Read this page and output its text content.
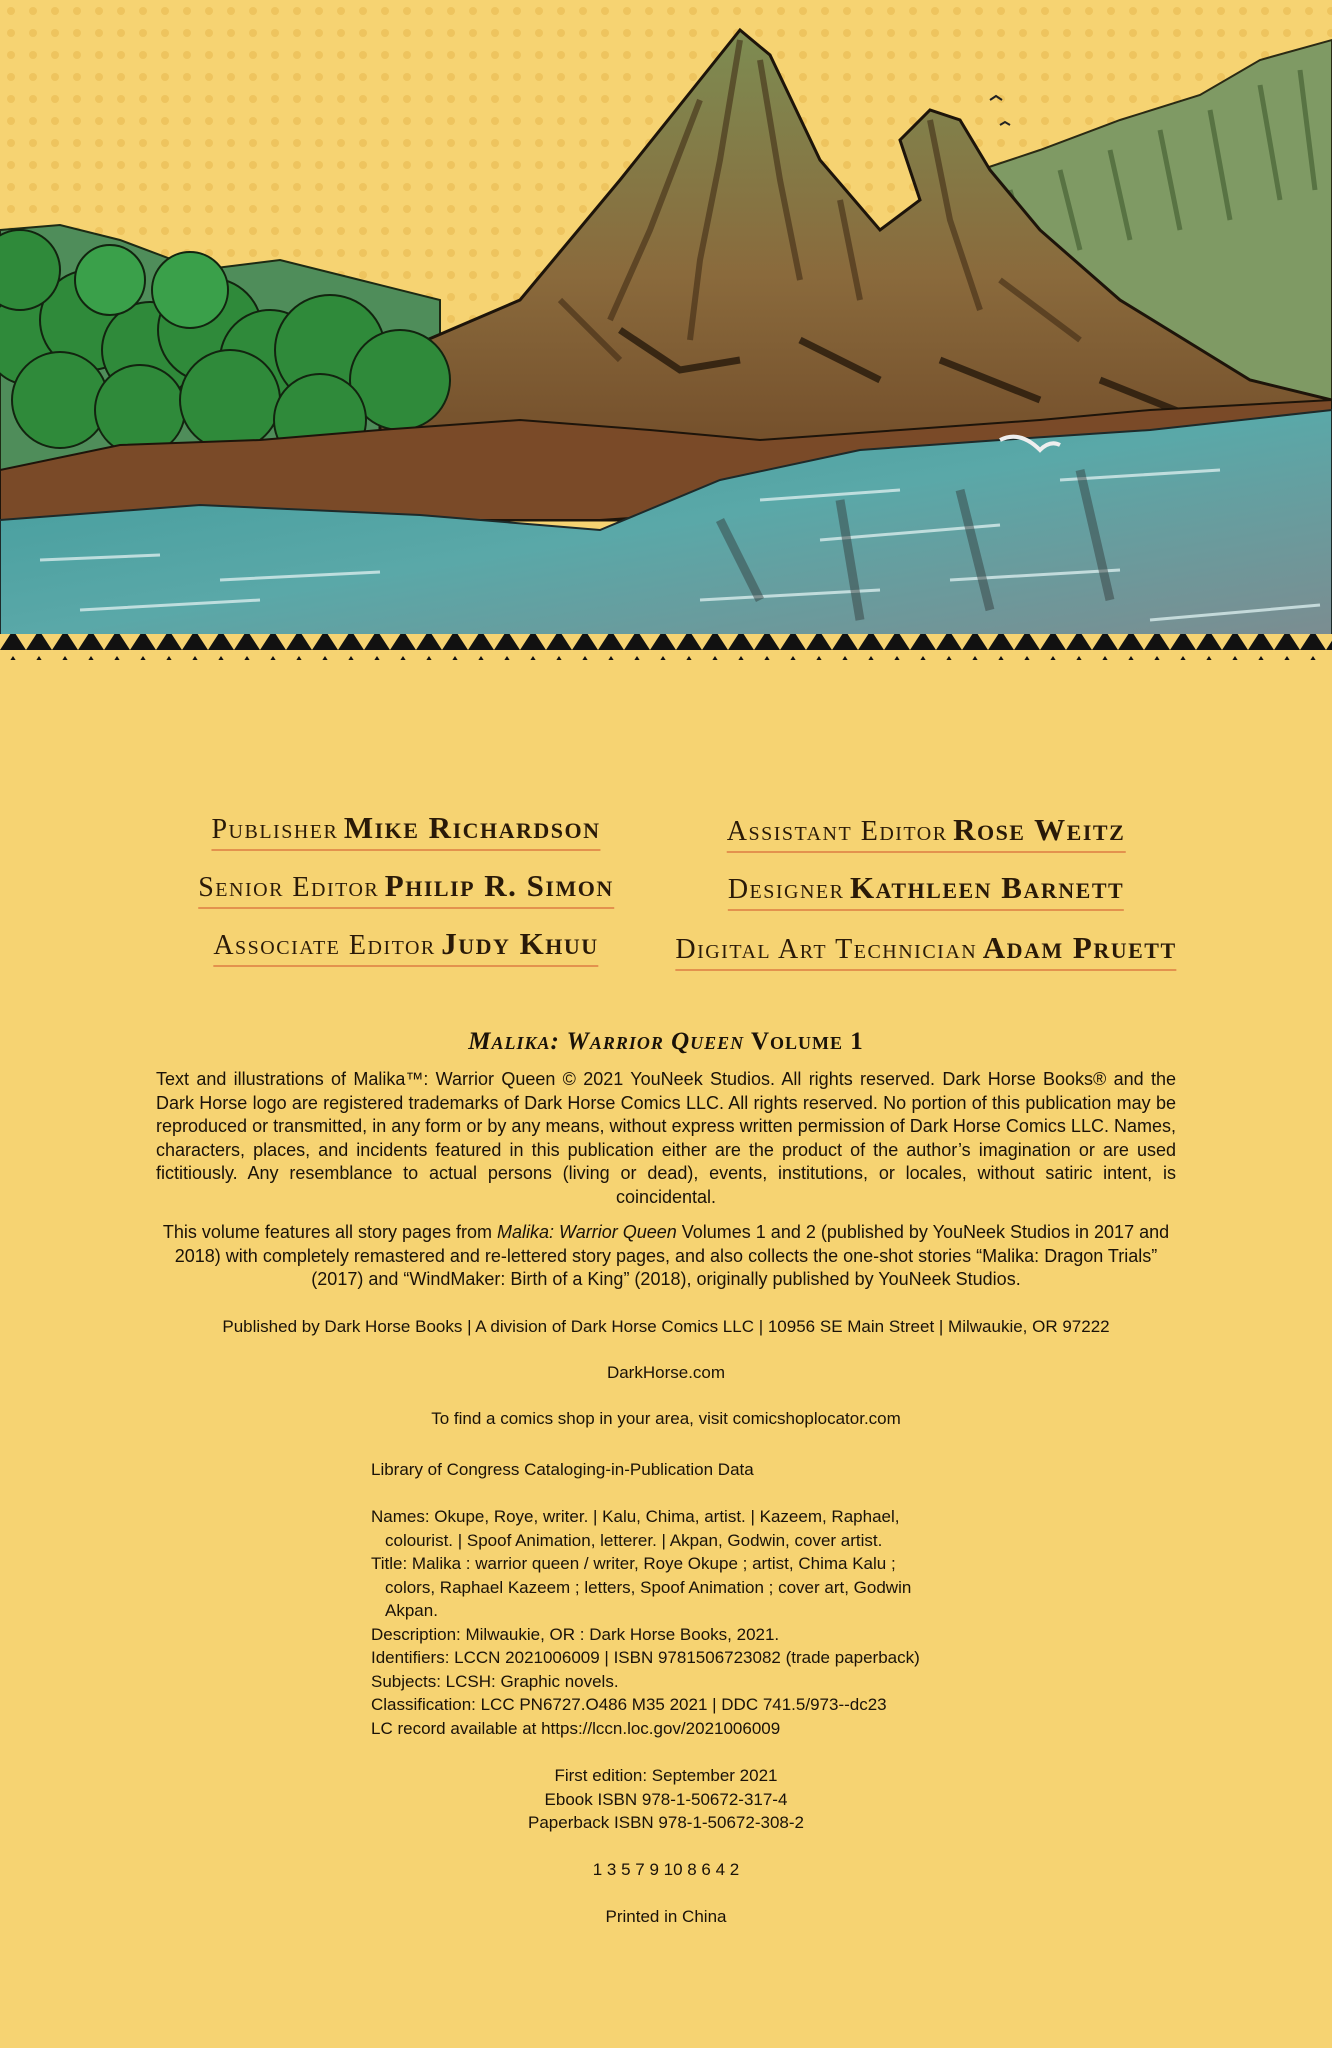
Publisher Mike Richardson
Senior Editor Philip R. Simon
Associate Editor Judy Khuu
Assistant Editor Rose Weitz
Designer Kathleen Barnett
Digital Art Technician Adam Pruett

Malika: Warrior Queen Volume 1

Text and illustrations of Malika™: Warrior Queen © 2021 YouNeek Studios. All rights reserved. Dark Horse Books® and the Dark Horse logo are registered trademarks of Dark Horse Comics LLC. All rights reserved. No portion of this publication may be reproduced or transmitted, in any form or by any means, without express written permission of Dark Horse Comics LLC. Names, characters, places, and incidents featured in this publication either are the product of the author’s imagination or are used fictitiously. Any resemblance to actual persons (living or dead), events, institutions, or locales, without satiric intent, is coincidental.

This volume features all story pages from Malika: Warrior Queen Volumes 1 and 2 (published by YouNeek Studios in 2017 and 2018) with completely remastered and re-lettered story pages, and also collects the one-shot stories “Malika: Dragon Trials” (2017) and “WindMaker: Birth of a King” (2018), originally published by YouNeek Studios.

Published by Dark Horse Books | A division of Dark Horse Comics LLC | 10956 SE Main Street | Milwaukie, OR 97222

DarkHorse.com

To find a comics shop in your area, visit comicshoplocator.com

Library of Congress Cataloging-in-Publication Data

Names: Okupe, Roye, writer. | Kalu, Chima, artist. | Kazeem, Raphael,

colourist. | Spoof Animation, letterer. | Akpan, Godwin, cover artist.

Title: Malika : warrior queen / writer, Roye Okupe ; artist, Chima Kalu ;

colors, Raphael Kazeem ; letters, Spoof Animation ; cover art, Godwin

Akpan.

Description: Milwaukie, OR : Dark Horse Books, 2021.

Identifiers: LCCN 2021006009 | ISBN 9781506723082 (trade paperback)

Subjects: LCSH: Graphic novels.

Classification: LCC PN6727.O486 M35 2021 | DDC 741.5/973--dc23

LC record available at https://lccn.loc.gov/2021006009

First edition: September 2021

Ebook ISBN 978-1-50672-317-4

Paperback ISBN 978-1-50672-308-2

1 3 5 7 9 10 8 6 4 2

Printed in China
